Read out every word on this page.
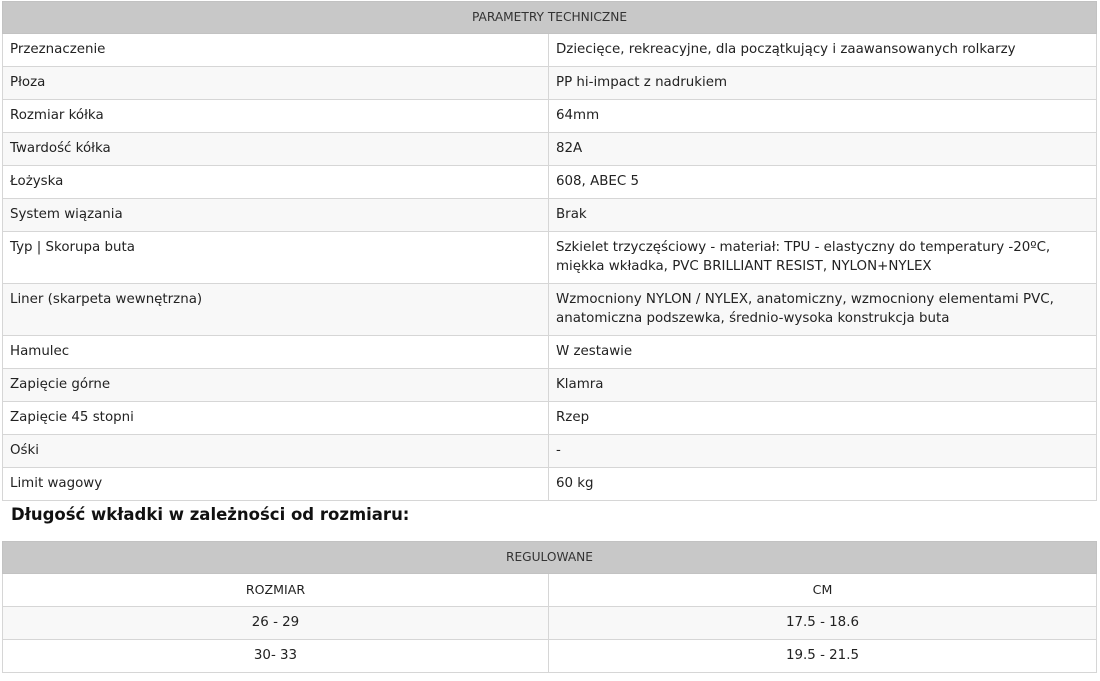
PARAMETRY TECHNICZNE	
Przeznaczenie	Dziecięce, rekreacyjne, dla początkujący i zaawansowanych rolkarzy
Płoza	PP hi-impact z nadrukiem
Rozmiar kółka	64mm
Twardość kółka	82A
Łożyska	608, ABEC 5
System wiązania	Brak
Typ | Skorupa buta	Szkielet trzyczęściowy - materiał: TPU - elastyczny do temperatury -20ºC, miękka wkładka, PVC BRILLIANT RESIST, NYLON+NYLEX
Liner (skarpeta wewnętrzna)	Wzmocniony NYLON / NYLEX, anatomiczny, wzmocniony elementami PVC, anatomiczna podszewka, średnio-wysoka konstrukcja buta
Hamulec	W zestawie
Zapięcie górne	Klamra
Zapięcie 45 stopni	Rzep
Ośki	-
Limit wagowy	60 kg
Długość wkładki w zależności od rozmiaru:
REGULOWANE	
ROZMIAR	CM
26 - 29	17.5 - 18.6
30- 33	19.5 - 21.5
